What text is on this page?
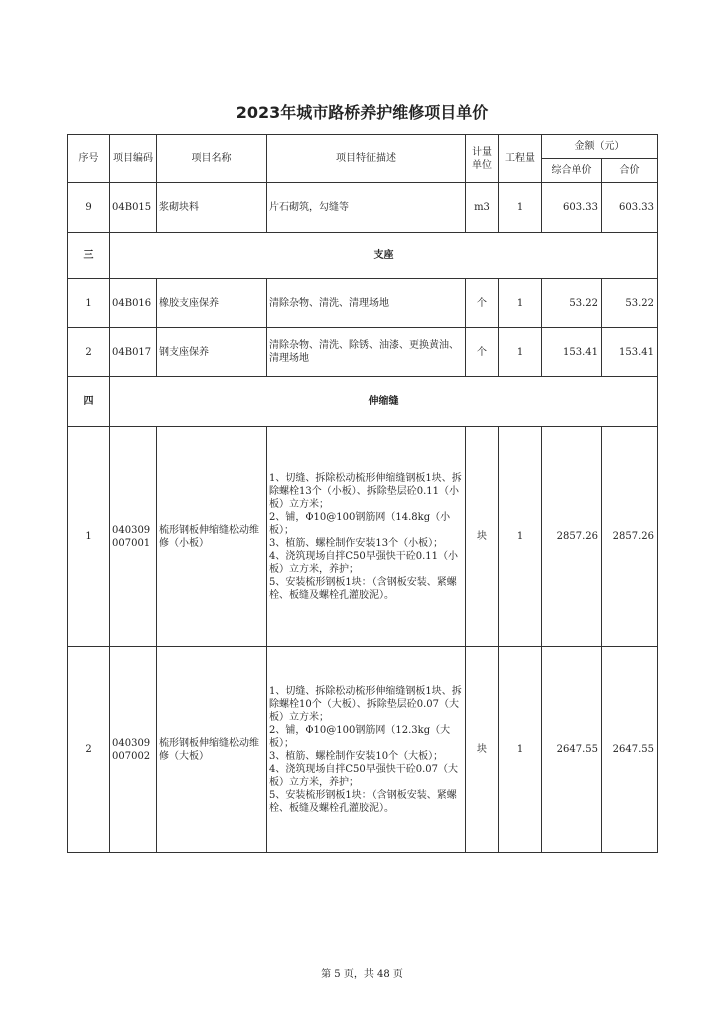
2023年城市路桥养护维修项目单价
序号	项目编码	项目名称	项目特征描述	计量单位	工程量	金额（元）	
						综合单价	合价
9	04B015	浆砌块料	片石砌筑，勾缝等	m3	1	603.33	603.33
三	支座						
1	04B016	橡胶支座保养	清除杂物、清洗、清理场地	个	1	53.22	53.22
2	04B017	钢支座保养	清除杂物、清洗、除锈、油漆、更换黄油、清理场地	个	1	153.41	153.41
四	伸缩缝						
1	040309007001	梳形钢板伸缩缝松动维修（小板）	1、切缝、拆除松动梳形伸缩缝钢板1块、拆除螺栓13个（小板）、拆除垫层砼0.11（小板）立方米；
2、铺，Φ10@100钢筋网（14.8kg（小板）；
3、植筋、螺栓制作安装13个（小板）；
4、浇筑现场自拌C50早强快干砼0.11（小板）立方米，养护；
5、安装梳形钢板1块：（含钢板安装、紧螺栓、板缝及螺栓孔灌胶泥）。	块	1	2857.26	2857.26
2	040309007002	梳形钢板伸缩缝松动维修（大板）	1、切缝、拆除松动梳形伸缩缝钢板1块、拆除螺栓10个（大板）、拆除垫层砼0.07（大板）立方米；
2、铺，Φ10@100钢筋网（12.3kg（大板）；
3、植筋、螺栓制作安装10个（大板）；
4、浇筑现场自拌C50早强快干砼0.07（大板）立方米，养护；
5、安装梳形钢板1块：（含钢板安装、紧螺栓、板缝及螺栓孔灌胶泥）。	块	1	2647.55	2647.55
第 5 页，共 48 页
